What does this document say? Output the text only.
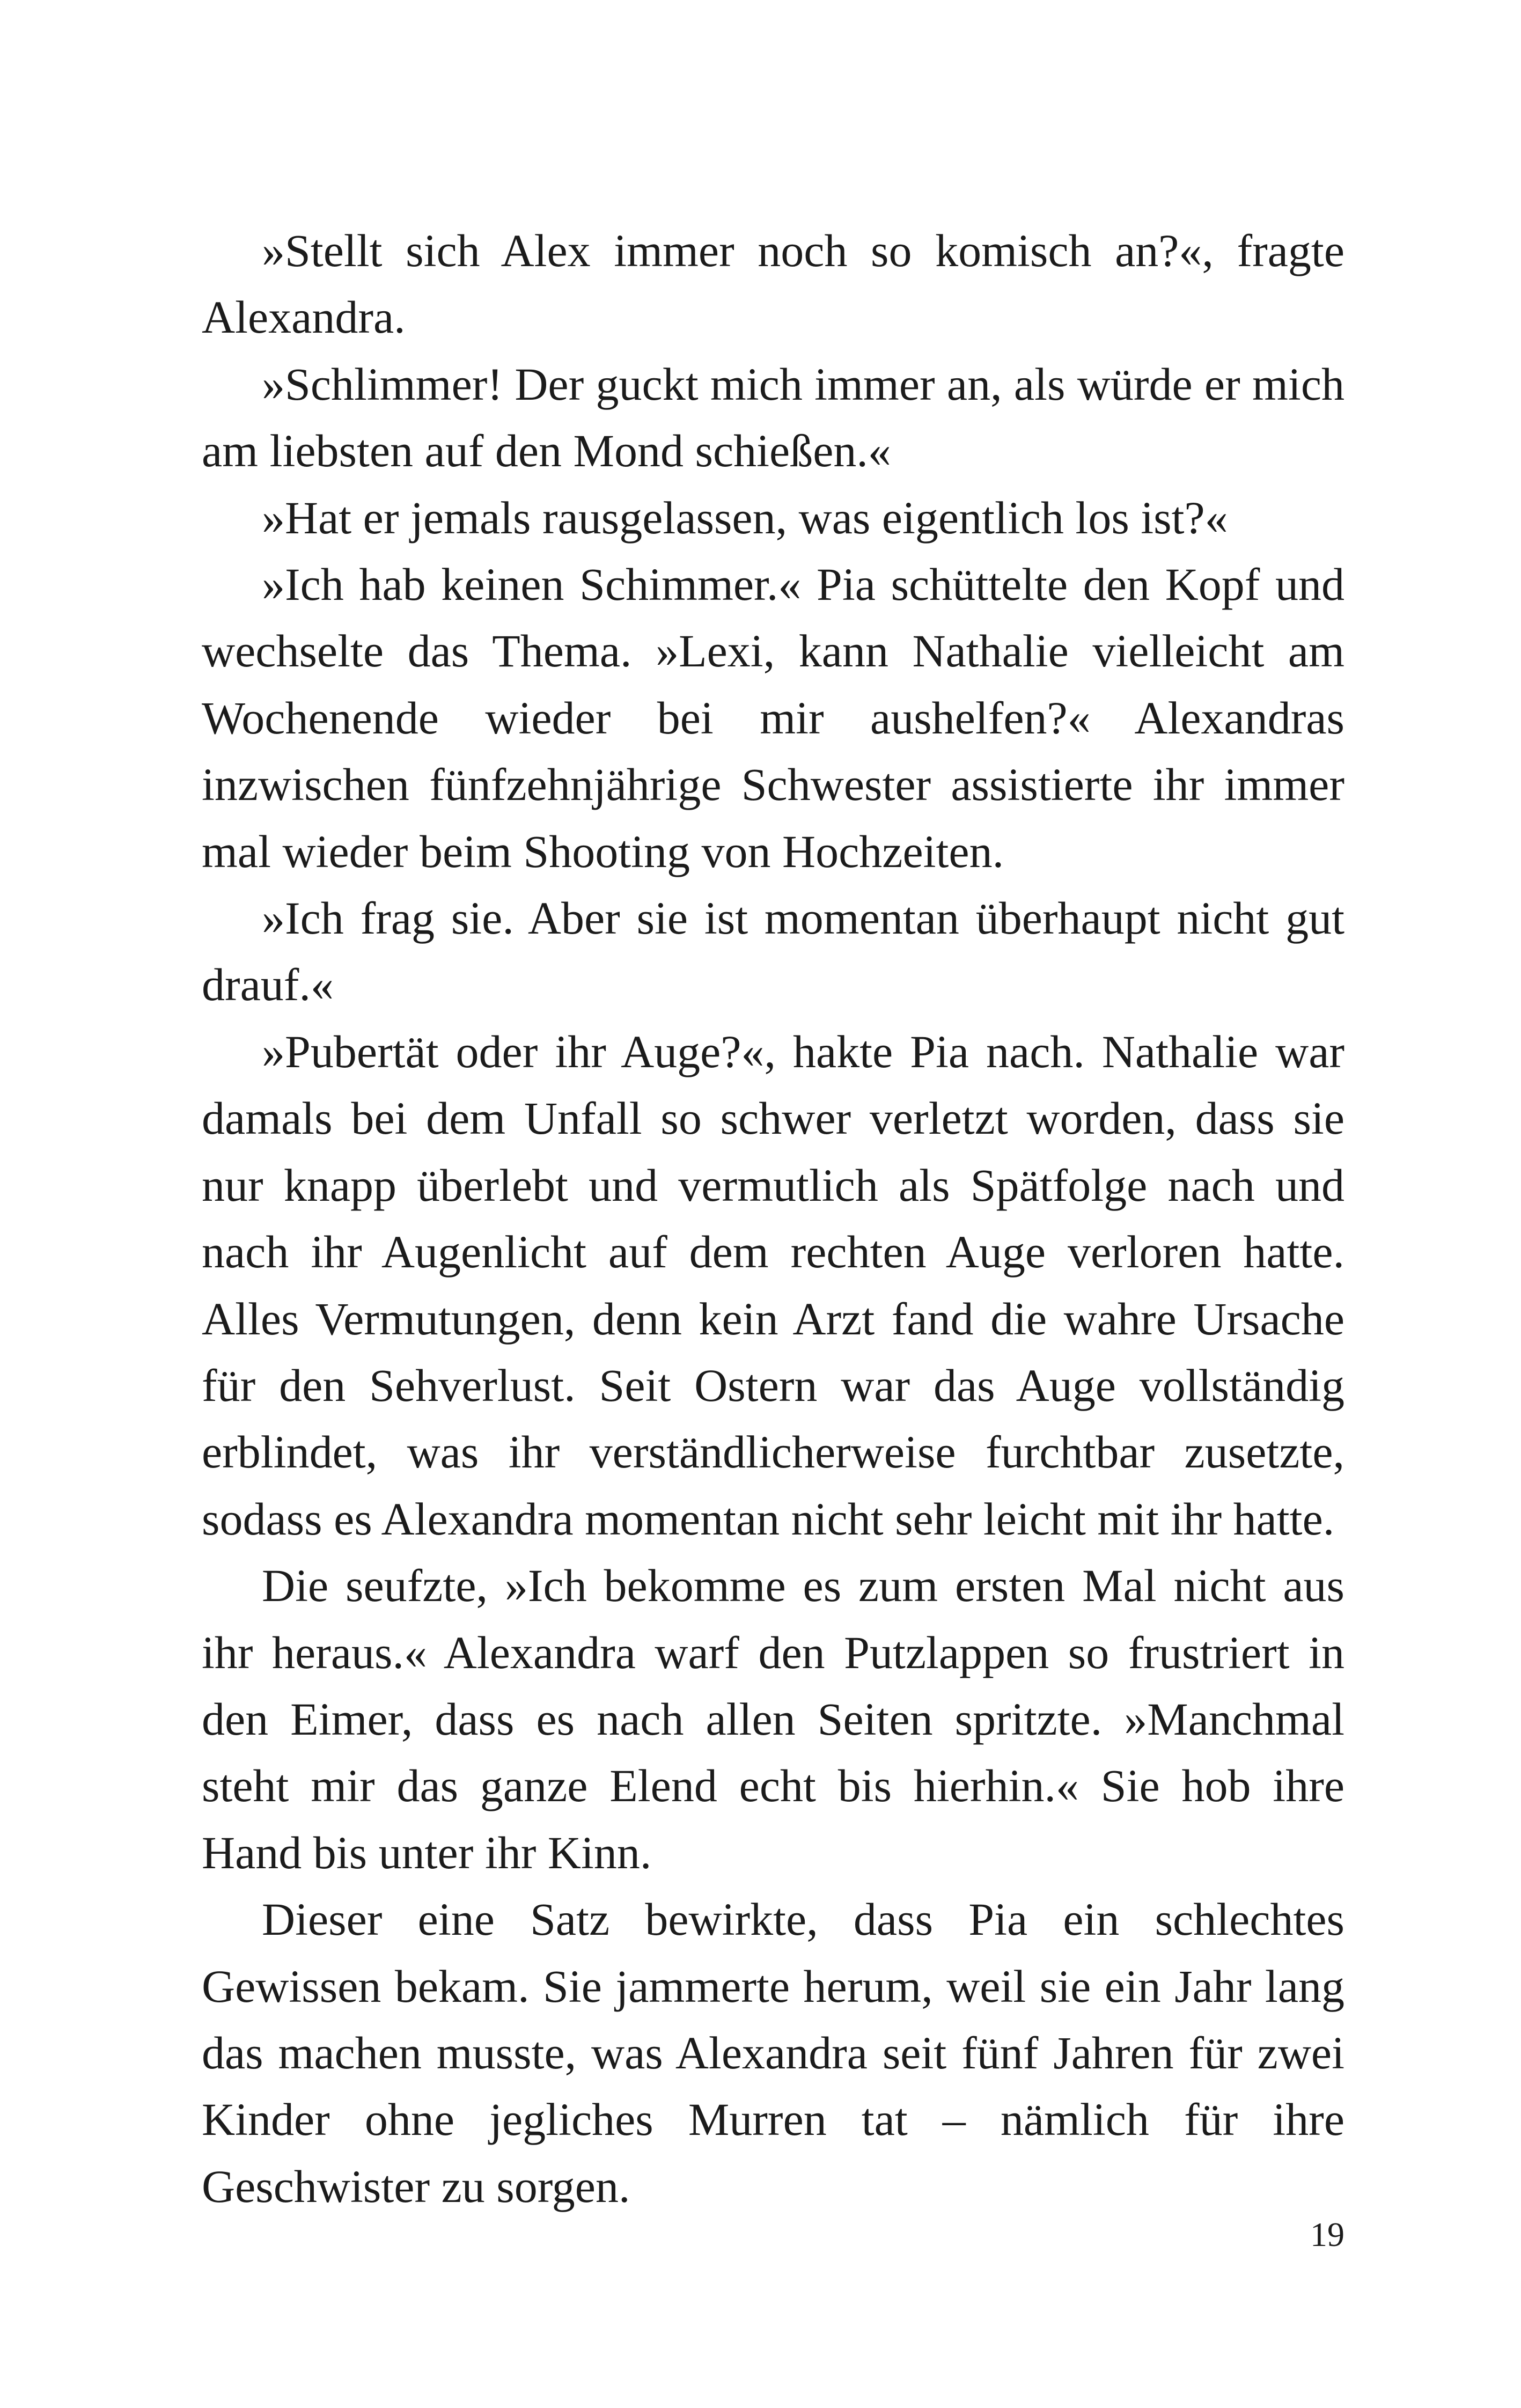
»Stellt sich Alex immer noch so komisch an?«, fragte Alexandra.

»Schlimmer! Der guckt mich immer an, als würde er mich am liebsten auf den Mond schießen.«

»Hat er jemals rausgelassen, was eigentlich los ist?«

»Ich hab keinen Schimmer.« Pia schüttelte den Kopf und wechselte das Thema. »Lexi, kann Nathalie vielleicht am Wochenende wieder bei mir aushelfen?« Alexandras inzwischen fünfzehnjährige Schwester assistierte ihr immer mal wieder beim Shooting von Hochzeiten.

»Ich frag sie. Aber sie ist momentan überhaupt nicht gut drauf.«

»Pubertät oder ihr Auge?«, hakte Pia nach. Nathalie war damals bei dem Unfall so schwer verletzt worden, dass sie nur knapp überlebt und vermutlich als Spätfolge nach und nach ihr Augenlicht auf dem rechten Auge verloren hatte. Alles Vermutungen, denn kein Arzt fand die wahre Ursache für den Sehverlust. Seit Ostern war das Auge vollständig erblindet, was ihr verständlicherweise furchtbar zusetzte, sodass es Alexandra momentan nicht sehr leicht mit ihr hatte.

Die seufzte, »Ich bekomme es zum ersten Mal nicht aus ihr heraus.« Alexandra warf den Putzlappen so frustriert in den Eimer, dass es nach allen Seiten spritzte. »Manchmal steht mir das ganze Elend echt bis hierhin.« Sie hob ihre Hand bis unter ihr Kinn.

Dieser eine Satz bewirkte, dass Pia ein schlechtes Gewissen bekam. Sie jammerte herum, weil sie ein Jahr lang das machen musste, was Alexandra seit fünf Jahren für zwei Kinder ohne jegliches Murren tat – nämlich für ihre Geschwister zu sorgen.

19
